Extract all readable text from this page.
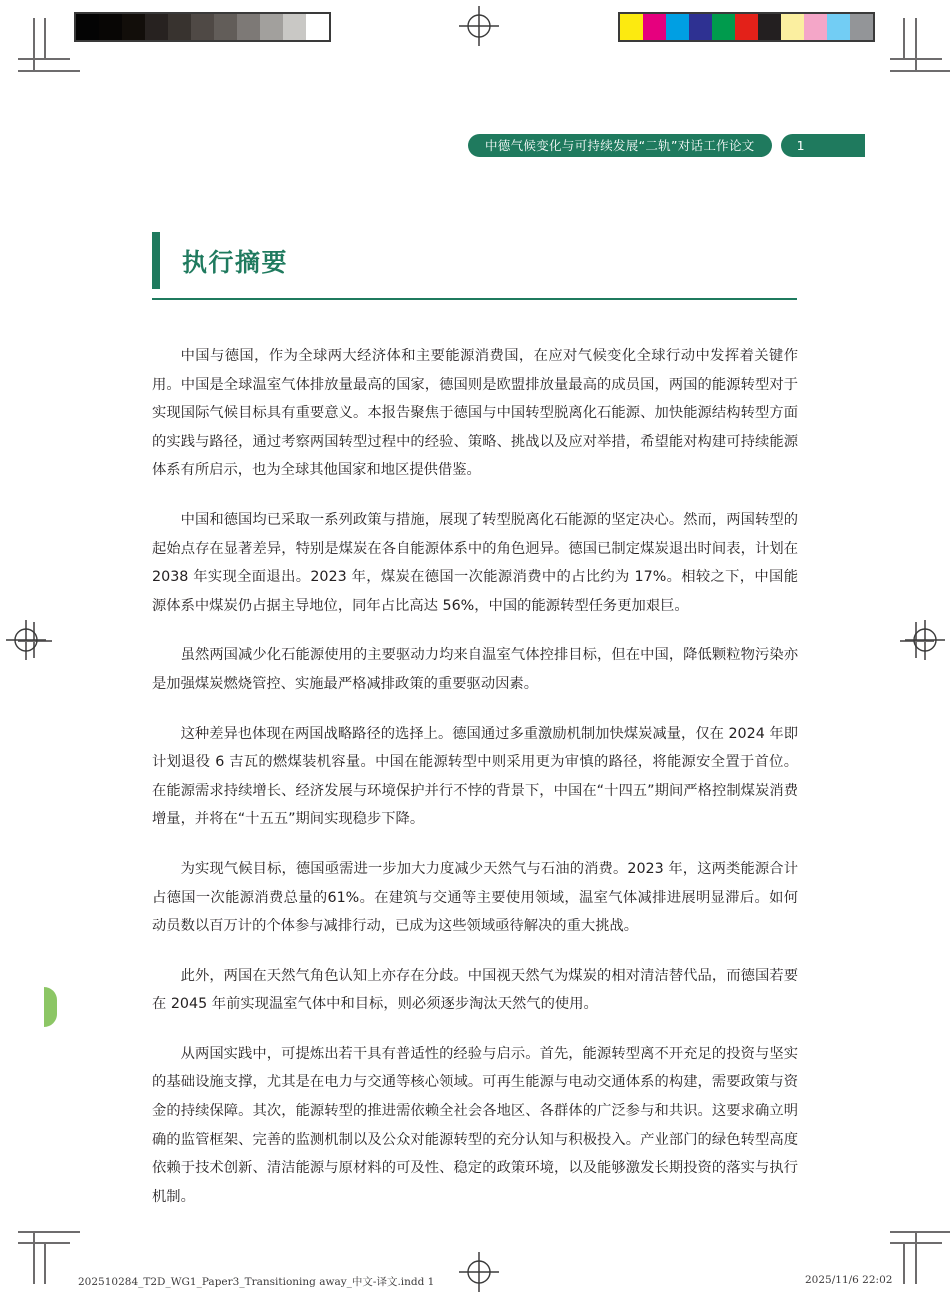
中德气候变化与可持续发展“二轨”对话工作论文	1
执行摘要

中国与德国，作为全球两大经济体和主要能源消费国，在应对气候变化全球行动中发挥着关键作用。中国是全球温室气体排放量最高的国家，德国则是欧盟排放量最高的成员国，两国的能源转型对于实现国际气候目标具有重要意义。本报告聚焦于德国与中国转型脱离化石能源、加快能源结构转型方面的实践与路径，通过考察两国转型过程中的经验、策略、挑战以及应对举措，希望能对构建可持续能源体系有所启示，也为全球其他国家和地区提供借鉴。

中国和德国均已采取一系列政策与措施，展现了转型脱离化石能源的坚定决心。然而，两国转型的起始点存在显著差异，特别是煤炭在各自能源体系中的角色迥异。德国已制定煤炭退出时间表，计划在 2038 年实现全面退出。2023 年，煤炭在德国一次能源消费中的占比约为 17%。相较之下，中国能源体系中煤炭仍占据主导地位，同年占比高达 56%，中国的能源转型任务更加艰巨。

虽然两国减少化石能源使用的主要驱动力均来自温室气体控排目标，但在中国，降低颗粒物污染亦是加强煤炭燃烧管控、实施最严格减排政策的重要驱动因素。

这种差异也体现在两国战略路径的选择上。德国通过多重激励机制加快煤炭减量，仅在 2024 年即计划退役 6 吉瓦的燃煤装机容量。中国在能源转型中则采用更为审慎的路径，将能源安全置于首位。在能源需求持续增长、经济发展与环境保护并行不悖的背景下，中国在“十四五”期间严格控制煤炭消费增量，并将在“十五五”期间实现稳步下降。

为实现气候目标，德国亟需进一步加大力度减少天然气与石油的消费。2023 年，这两类能源合计占德国一次能源消费总量的61%。在建筑与交通等主要使用领域，温室气体减排进展明显滞后。如何动员数以百万计的个体参与减排行动，已成为这些领域亟待解决的重大挑战。

此外，两国在天然气角色认知上亦存在分歧。中国视天然气为煤炭的相对清洁替代品，而德国若要在 2045 年前实现温室气体中和目标，则必须逐步淘汰天然气的使用。

从两国实践中，可提炼出若干具有普适性的经验与启示。首先，能源转型离不开充足的投资与坚实的基础设施支撑，尤其是在电力与交通等核心领域。可再生能源与电动交通体系的构建，需要政策与资金的持续保障。其次，能源转型的推进需依赖全社会各地区、各群体的广泛参与和共识。这要求确立明确的监管框架、完善的监测机制以及公众对能源转型的充分认知与积极投入。产业部门的绿色转型高度依赖于技术创新、清洁能源与原材料的可及性、稳定的政策环境，以及能够激发长期投资的落实与执行机制。

202510284_T2D_WG1_Paper3_Transitioning away_中文-译文.indd 1	2025/11/6 22:02
